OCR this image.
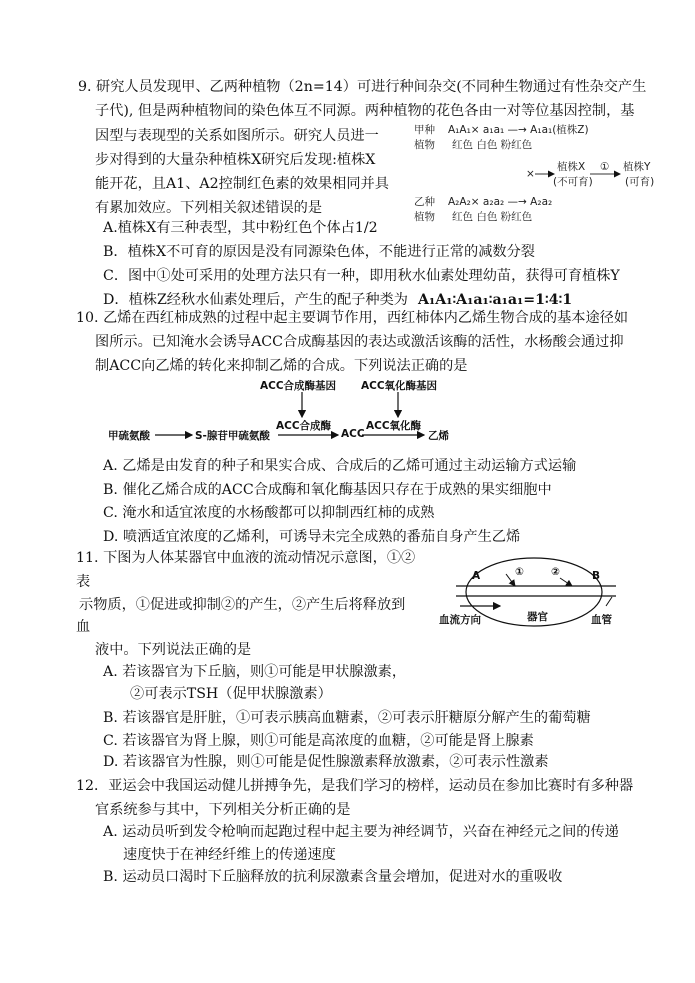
9. 研究人员发现甲、乙两种植物（2n=14）可进行种间杂交(不同种生物通过有性杂交产生
子代), 但是两种植物间的染色体互不同源。两种植物的花色各由一对等位基因控制，基
因型与表现型的关系如图所示。研究人员进一
步对得到的大量杂种植株X研究后发现:植株X
能开花，且A1、A2控制红色素的效果相同并具
有累加效应。下列相关叙述错误的是
A.植株X有三种表型，其中粉红色个体占1/2
B．植株X不可育的原因是没有同源染色体，不能进行正常的减数分裂
C．图中①处可采用的处理方法只有一种，即用秋水仙素处理幼苗，获得可育植株Y
D．植株Z经秋水仙素处理后，产生的配子种类为 A₁A₁∶A₁a₁∶a₁a₁=1∶4∶1
甲种
植物
A₁A₁× a₁a₁ —→ A₁a₁(植株Z)
红色 白色 粉红色
乙种
植物
A₂A₂× a₂a₂ —→ A₂a₂
红色 白色 粉红色
×
植株X
(不可育)
① 植株Y
(可育)
10. 乙烯在西红柿成熟的过程中起主要调节作用，西红柿体内乙烯生物合成的基本途径如
图所示。已知淹水会诱导ACC合成酶基因的表达或激活该酶的活性，水杨酸会通过抑
制ACC向乙烯的转化来抑制乙烯的合成。下列说法正确的是
ACC合成酶基因 ACC氧化酶基因
甲硫氨酸	S-腺苷甲硫氨酸
ACC合成酶
ACC
ACC氧化酶
乙烯
A. 乙烯是由发育的种子和果实合成、合成后的乙烯可通过主动运输方式运输
B. 催化乙烯合成的ACC合成酶和氧化酶基因只存在于成熟的果实细胞中
C. 淹水和适宜浓度的水杨酸都可以抑制西红柿的成熟
D. 喷洒适宜浓度的乙烯利，可诱导未完全成熟的番茄自身产生乙烯
11. 下图为人体某器官中血液的流动情况示意图，①②
表
示物质，①促进或抑制②的产生，②产生后将释放到
血
液中。下列说法正确的是
A. 若该器官为下丘脑，则①可能是甲状腺激素，
②可表示TSH（促甲状腺激素）
B. 若该器官是肝脏，①可表示胰高血糖素，②可表示肝糖原分解产生的葡萄糖
C. 若该器官为肾上腺，则①可能是高浓度的血糖，②可能是肾上腺素
D. 若该器官为性腺，则①可能是促性腺激素释放激素，②可表示性激素
A	B
①	②
血流方向	器官	血管
12．亚运会中我国运动健儿拼搏争先，是我们学习的榜样，运动员在参加比赛时有多种器
官系统参与其中，下列相关分析正确的是
A. 运动员听到发令枪响而起跑过程中起主要为神经调节，兴奋在神经元之间的传递
速度快于在神经纤维上的传递速度
B. 运动员口渴时下丘脑释放的抗利尿激素含量会增加，促进对水的重吸收
